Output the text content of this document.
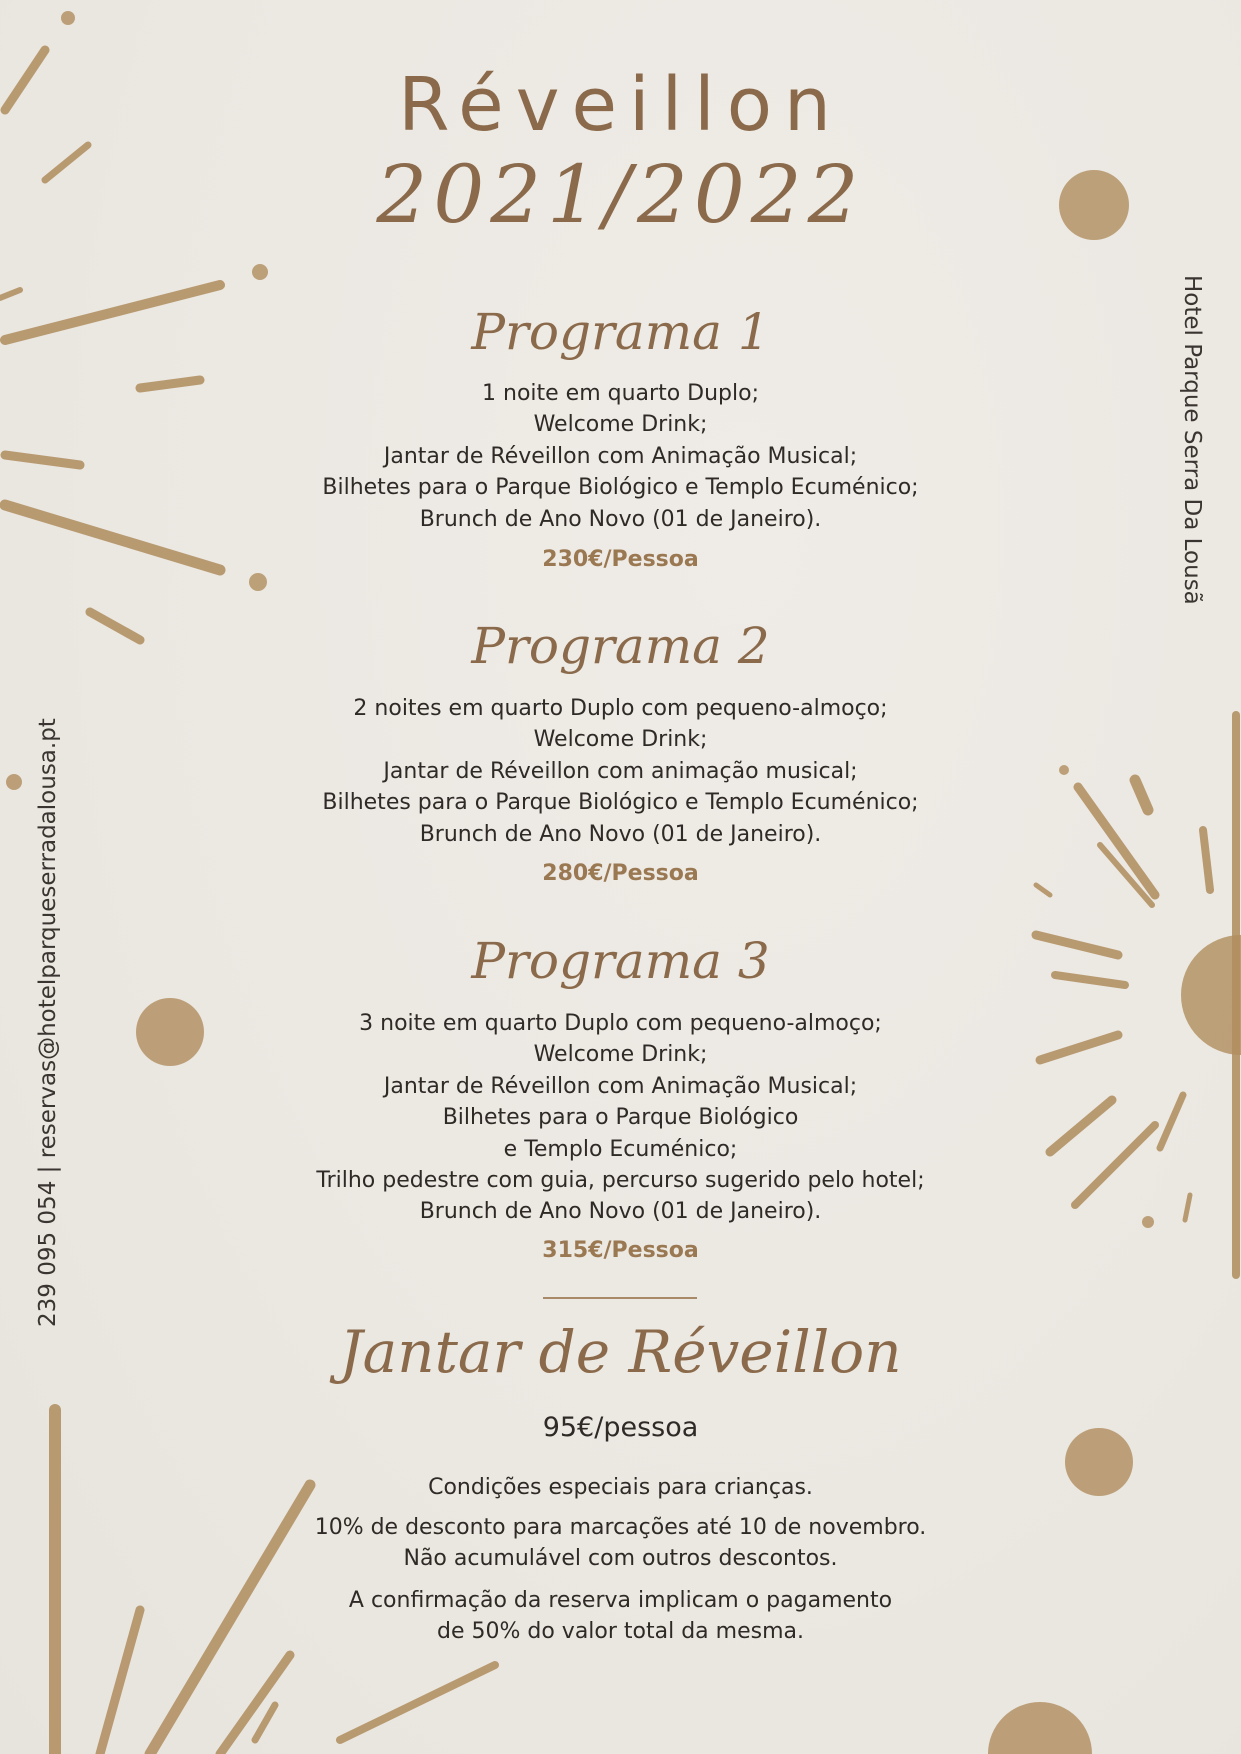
Réveillon
2021/2022
Programa 1
1 noite em quarto Duplo;
Welcome Drink;
Jantar de Réveillon com Animação Musical;
Bilhetes para o Parque Biológico e Templo Ecuménico;
Brunch de Ano Novo (01 de Janeiro).
230€/Pessoa
Programa 2
2 noites em quarto Duplo com pequeno-almoço;
Welcome Drink;
Jantar de Réveillon com animação musical;
Bilhetes para o Parque Biológico e Templo Ecuménico;
Brunch de Ano Novo (01 de Janeiro).
280€/Pessoa
Programa 3
3 noite em quarto Duplo com pequeno-almoço;
Welcome Drink;
Jantar de Réveillon com Animação Musical;
Bilhetes para o Parque Biológico
e Templo Ecuménico;
Trilho pedestre com guia, percurso sugerido pelo hotel;
Brunch de Ano Novo (01 de Janeiro).
315€/Pessoa
Jantar de Réveillon
95€/pessoa
Condições especiais para crianças.
10% de desconto para marcações até 10 de novembro.
Não acumulável com outros descontos.
A confirmação da reserva implicam o pagamento
de 50% do valor total da mesma.
Hotel Parque Serra Da Lousã
239 095 054 | reservas@hotelparqueserradalousa.pt
